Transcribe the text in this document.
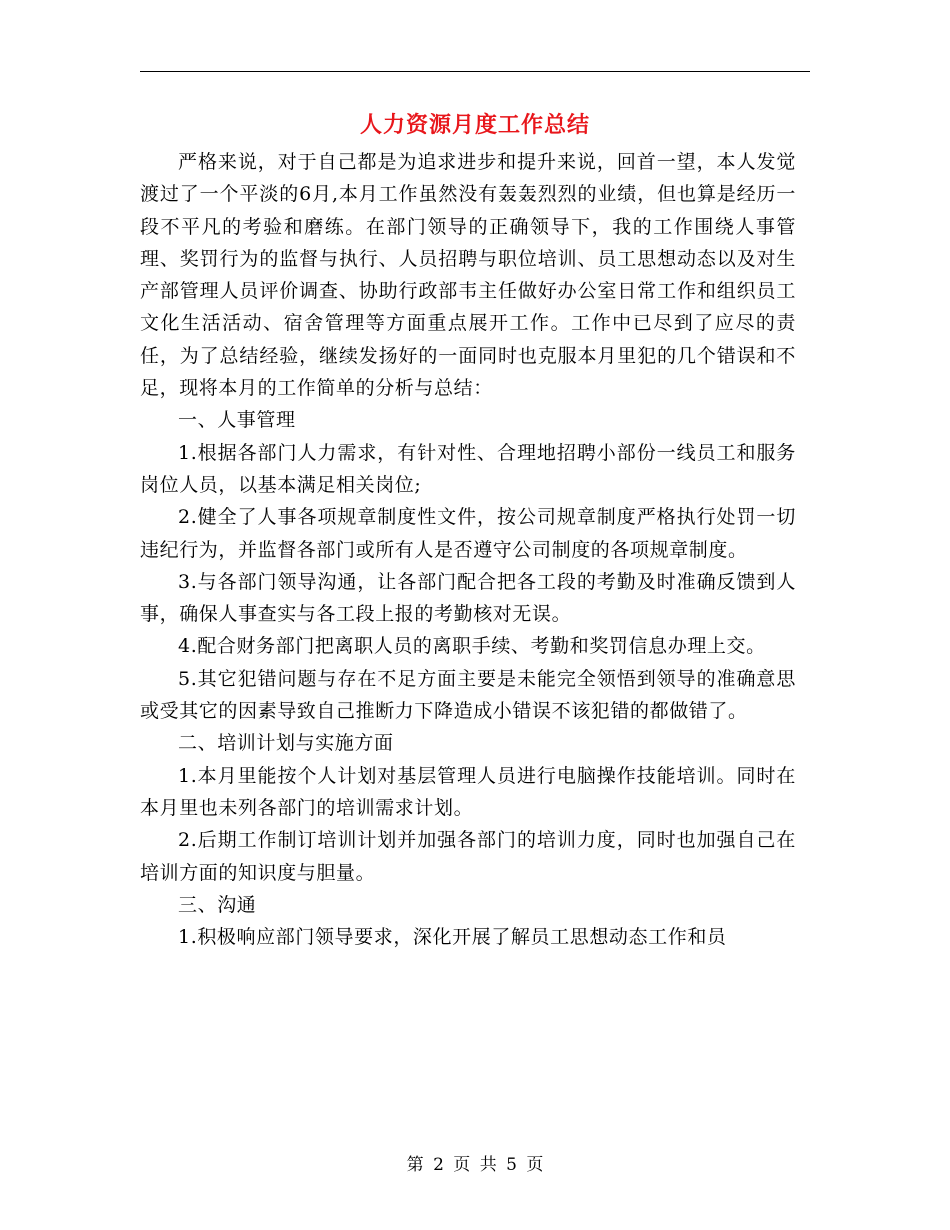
人力资源月度工作总结

严格来说，对于自己都是为追求进步和提升来说，回首一望，本人发觉渡过了一个平淡的6月,本月工作虽然没有轰轰烈烈的业绩，但也算是经历一段不平凡的考验和磨练。在部门领导的正确领导下，我的工作围绕人事管理、奖罚行为的监督与执行、人员招聘与职位培训、员工思想动态以及对生产部管理人员评价调查、协助行政部韦主任做好办公室日常工作和组织员工文化生活活动、宿舍管理等方面重点展开工作。工作中已尽到了应尽的责任，为了总结经验，继续发扬好的一面同时也克服本月里犯的几个错误和不足，现将本月的工作简单的分析与总结：

一、人事管理

1.根据各部门人力需求，有针对性、合理地招聘小部份一线员工和服务岗位人员，以基本满足相关岗位;

2.健全了人事各项规章制度性文件，按公司规章制度严格执行处罚一切违纪行为，并监督各部门或所有人是否遵守公司制度的各项规章制度。

3.与各部门领导沟通，让各部门配合把各工段的考勤及时准确反馈到人事，确保人事查实与各工段上报的考勤核对无误。

4.配合财务部门把离职人员的离职手续、考勤和奖罚信息办理上交。

5.其它犯错问题与存在不足方面主要是未能完全领悟到领导的准确意思或受其它的因素导致自己推断力下降造成小错误不该犯错的都做错了。

二、培训计划与实施方面

1.本月里能按个人计划对基层管理人员进行电脑操作技能培训。同时在本月里也未列各部门的培训需求计划。

2.后期工作制订培训计划并加强各部门的培训力度，同时也加强自己在培训方面的知识度与胆量。

三、沟通

1.积极响应部门领导要求，深化开展了解员工思想动态工作和员

第 2 页 共 5 页
